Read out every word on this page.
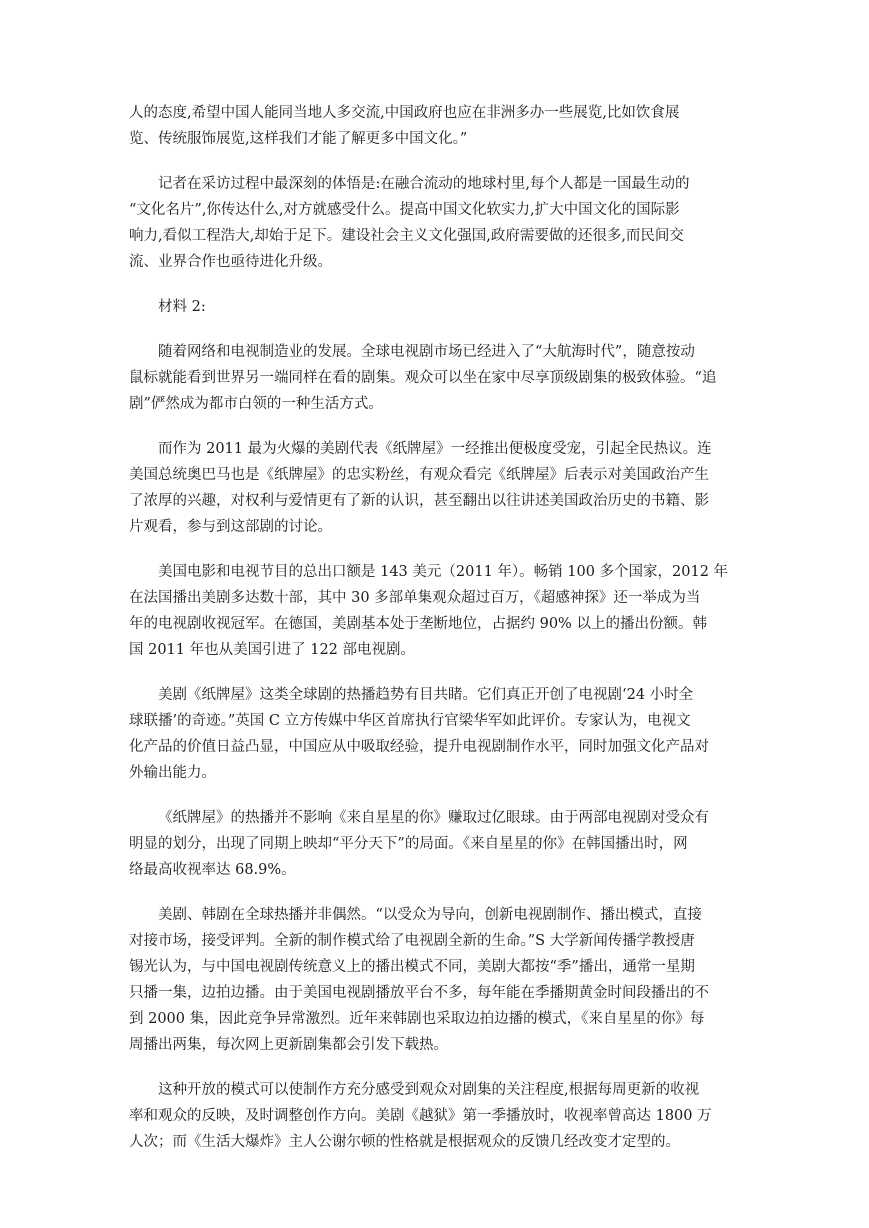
人的态度,希望中国人能同当地人多交流,中国政府也应在非洲多办一些展览,比如饮食展
览、传统服饰展览,这样我们才能了解更多中国文化。”
记者在采访过程中最深刻的体悟是:在融合流动的地球村里,每个人都是一国最生动的
“文化名片”,你传达什么,对方就感受什么。提高中国文化软实力,扩大中国文化的国际影
响力,看似工程浩大,却始于足下。建设社会主义文化强国,政府需要做的还很多,而民间交
流、业界合作也亟待进化升级。
材料 2:
随着网络和电视制造业的发展。全球电视剧市场已经进入了“大航海时代”，随意按动
鼠标就能看到世界另一端同样在看的剧集。观众可以坐在家中尽享顶级剧集的极致体验。“追
剧”俨然成为都市白领的一种生活方式。
而作为 2011 最为火爆的美剧代表《纸牌屋》一经推出便极度受宠，引起全民热议。连
美国总统奥巴马也是《纸牌屋》的忠实粉丝，有观众看完《纸牌屋》后表示对美国政治产生
了浓厚的兴趣，对权利与爱情更有了新的认识，甚至翻出以往讲述美国政治历史的书籍、影
片观看，参与到这部剧的讨论。
美国电影和电视节目的总出口额是 143 美元（2011 年）。畅销 100 多个国家，2012 年
在法国播出美剧多达数十部，其中 30 多部单集观众超过百万，《超感神探》还一举成为当
年的电视剧收视冠军。在德国，美剧基本处于垄断地位，占据约 90% 以上的播出份额。韩
国 2011 年也从美国引进了 122 部电视剧。
美剧《纸牌屋》这类全球剧的热播趋势有目共睹。它们真正开创了电视剧‘24 小时全
球联播’的奇迹。”英国 C 立方传媒中华区首席执行官梁华军如此评价。专家认为，电视文
化产品的价值日益凸显，中国应从中吸取经验，提升电视剧制作水平，同时加强文化产品对
外输出能力。
《纸牌屋》的热播并不影响《来自星星的你》赚取过亿眼球。由于两部电视剧对受众有
明显的划分，出现了同期上映却“平分天下”的局面。《来自星星的你》在韩国播出时，网
络最高收视率达 68.9%。
美剧、韩剧在全球热播并非偶然。“以受众为导向，创新电视剧制作、播出模式，直接
对接市场，接受评判。全新的制作模式给了电视剧全新的生命。”S 大学新闻传播学教授唐
锡光认为，与中国电视剧传统意义上的播出模式不同，美剧大都按“季”播出，通常一星期
只播一集，边拍边播。由于美国电视剧播放平台不多，每年能在季播期黄金时间段播出的不
到 2000 集，因此竞争异常激烈。近年来韩剧也采取边拍边播的模式，《来自星星的你》每
周播出两集，每次网上更新剧集都会引发下载热。
这种开放的模式可以使制作方充分感受到观众对剧集的关注程度,根据每周更新的收视
率和观众的反映，及时调整创作方向。美剧《越狱》第一季播放时，收视率曾高达 1800 万
人次；而《生活大爆炸》主人公谢尔顿的性格就是根据观众的反馈几经改变才定型的。
